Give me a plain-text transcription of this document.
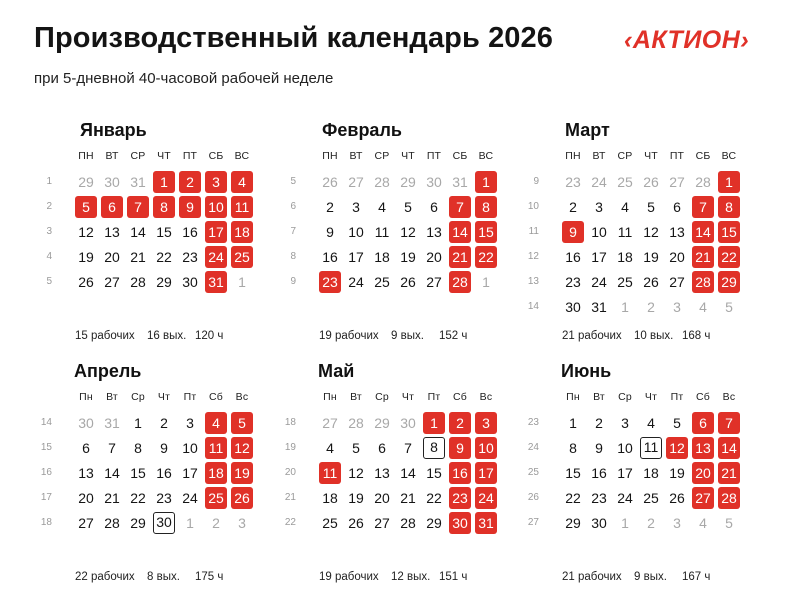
Производственный календарь 2026
при 5-дневной 40-часовой рабочей неделе
‹АКТИОН›
Январь
ПН	ВТ	СР	ЧТ	ПТ	СБ	ВС
1 29 30 31	1	2	3	4
2	5	6	7	8	9	10 11
3 12 13 14 15 16 17 18
4 19 20 21 22 23 24 25
5 26 27 28 29 30 31	1
15 рабочих 16 вых. 120 ч
Февраль
ПН	ВТ	СР	ЧТ	ПТ	СБ	ВС
5 26 27 28 29 30 31	1
6	2	3	4	5	6	7	8
7	9	10 11 12 13 14 15
8 16 17 18 19 20 21 22
9 23 24 25 26 27 28	1
19 рабочих 9 вых. 152 ч
Март
ПН	ВТ	СР	ЧТ	ПТ	СБ	ВС
9 23 24 25 26 27 28	1
10	2	3	4	5	6	7	8
11	9	10 11 12 13 14 15
12 16 17 18 19 20 21 22
13 23 24 25 26 27 28 29
14 30 31	1	2	3	4	5
21 рабочих 10 вых. 168 ч
Апрель
Пн	Вт	Ср	Чт	Пт	Сб	Вс
14 30 31	1	2	3	4	5
15	6	7	8	9	10 11 12
16 13 14 15 16 17 18 19
17 20 21 22 23 24 25 26
18 27 28 29 30	1	2	3
22 рабочих 8 вых. 175 ч
Май
Пн	Вт	Ср	Чт	Пт	Сб	Вс
18 27 28 29 30	1	2	3
19	4	5	6	7	8	9	10
20 11 12 13 14 15 16 17
21 18 19 20 21 22 23 24
22 25 26 27 28 29 30 31
19 рабочих 12 вых. 151 ч
Июнь
Пн	Вт	Ср	Чт	Пт	Сб	Вс
23	1	2	3	4	5	6	7
24	8	9	10 11 12 13 14
25 15 16 17 18 19 20 21
26 22 23 24 25 26 27 28
27 29 30	1	2	3	4	5
21 рабочих 9 вых. 167 ч
